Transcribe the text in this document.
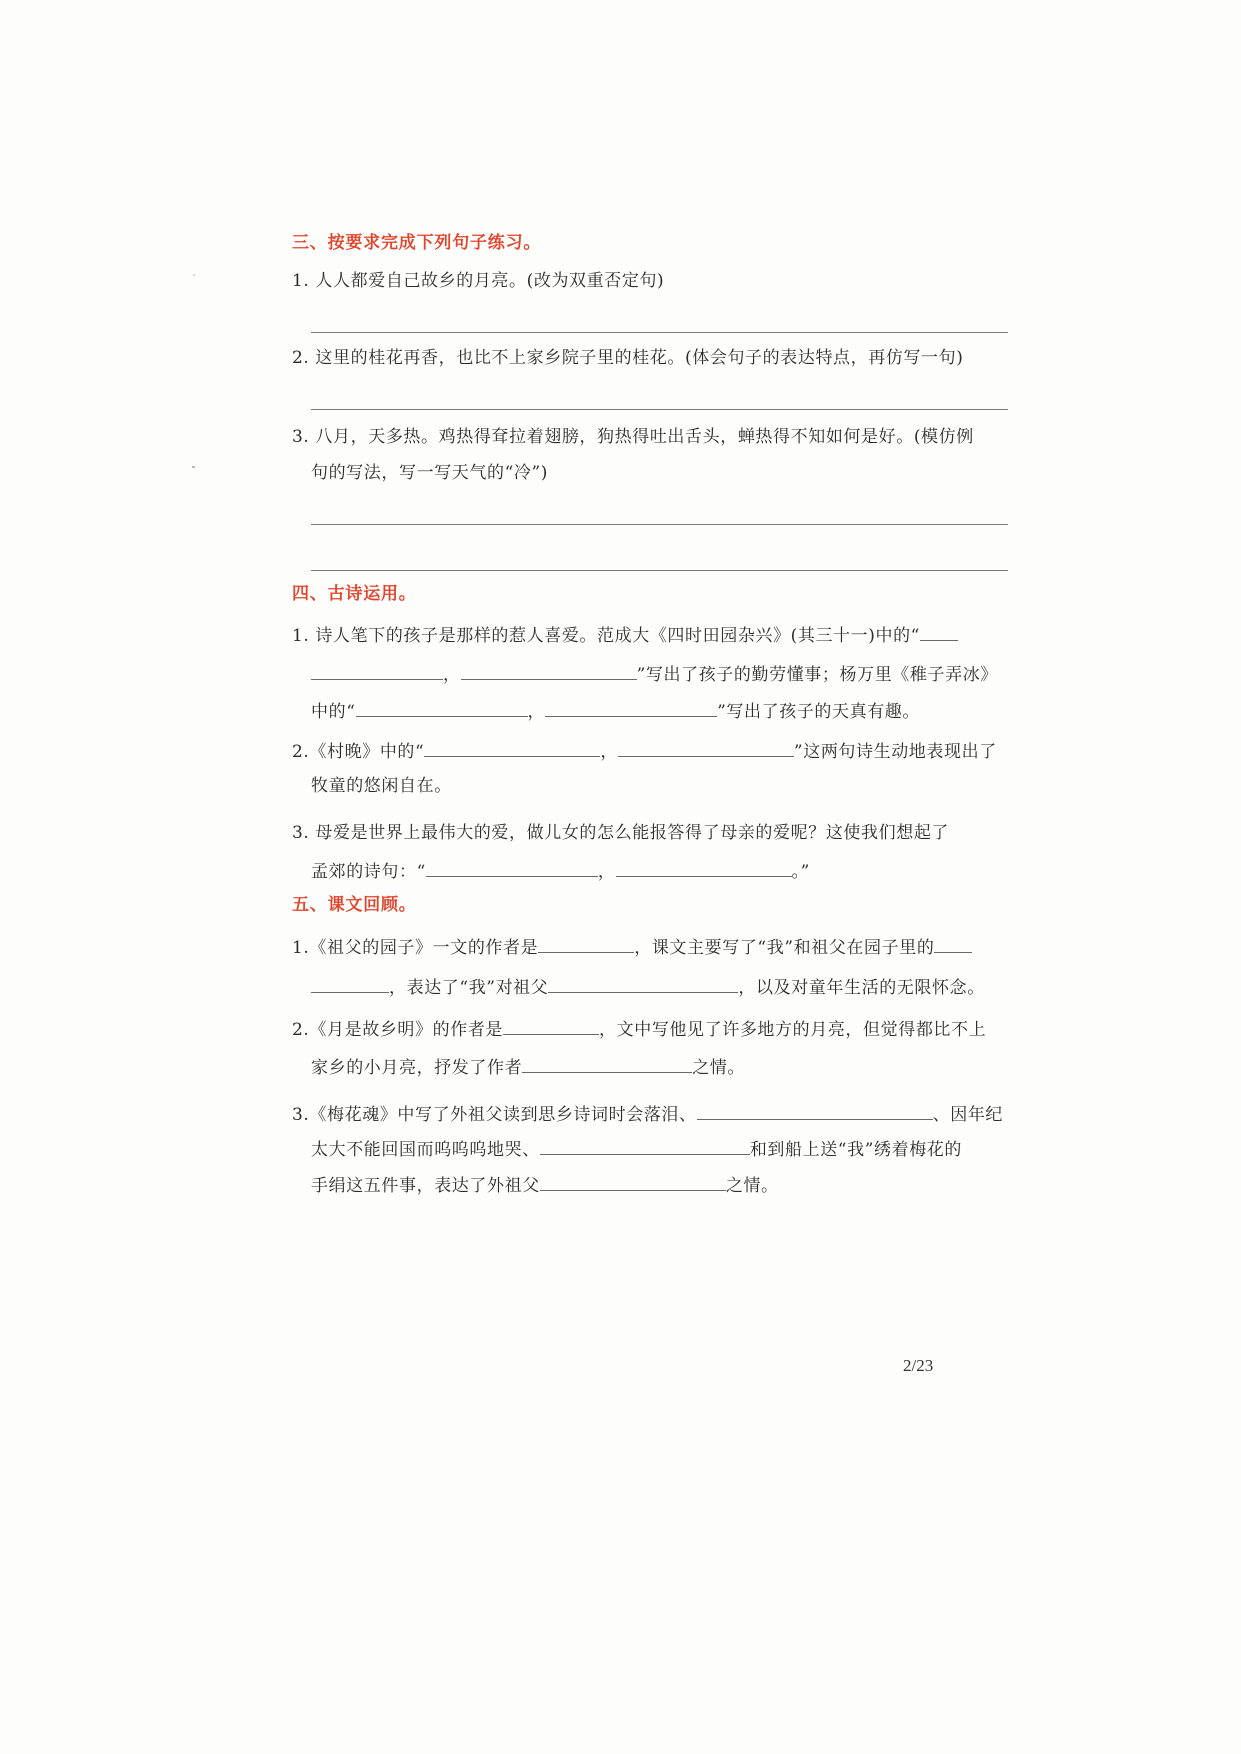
三、按要求完成下列句子练习。
1. 人人都爱自己故乡的月亮。(改为双重否定句)
2. 这里的桂花再香，也比不上家乡院子里的桂花。(体会句子的表达特点，再仿写一句)
3. 八月，天多热。鸡热得耷拉着翅膀，狗热得吐出舌头，蝉热得不知如何是好。(模仿例
句的写法，写一写天气的“冷”)
四、古诗运用。
1. 诗人笔下的孩子是那样的惹人喜爱。范成大《四时田园杂兴》(其三十一)中的“
，	”写出了孩子的勤劳懂事；杨万里《稚子弄冰》
中的“	，	”写出了孩子的天真有趣。
2.《村晚》中的“	，	”这两句诗生动地表现出了
牧童的悠闲自在。
3. 母爱是世界上最伟大的爱，做儿女的怎么能报答得了母亲的爱呢？这使我们想起了
孟郊的诗句：“	，	。”
五、课文回顾。
1.《祖父的园子》一文的作者是	，课文主要写了“我”和祖父在园子里的
，表达了“我”对祖父	，以及对童年生活的无限怀念。
2.《月是故乡明》的作者是	，文中写他见了许多地方的月亮，但觉得都比不上
家乡的小月亮，抒发了作者	之情。
3.《梅花魂》中写了外祖父读到思乡诗词时会落泪、	、因年纪
太大不能回国而呜呜呜地哭、	和到船上送“我”绣着梅花的
手绢这五件事，表达了外祖父	之情。
2/23
